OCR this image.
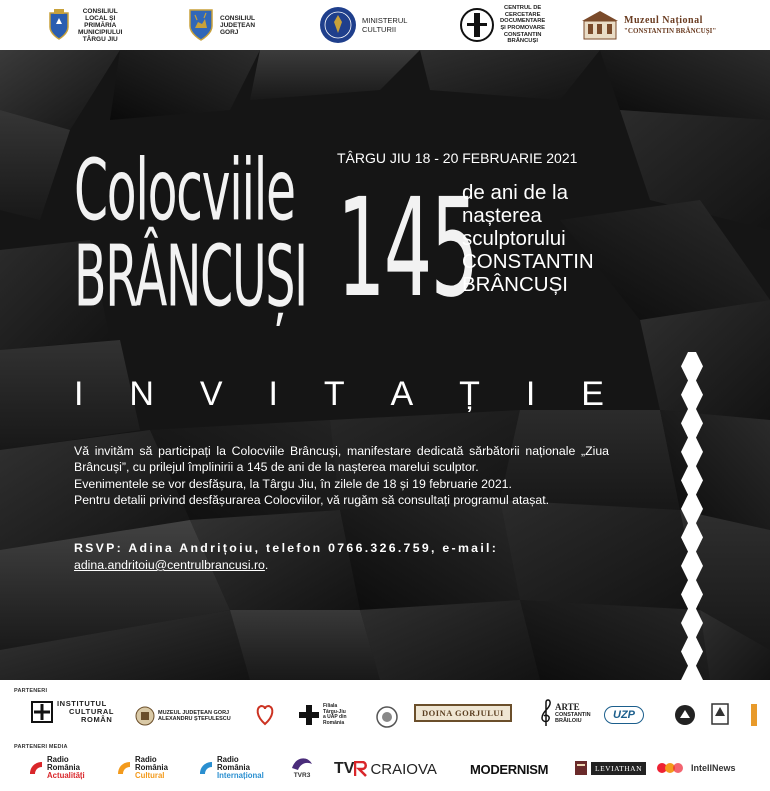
CONSILIUL
LOCAL ȘI
PRIMĂRIA
MUNICIPIULUI
TÂRGU JIU
CONSILIUL
JUDEȚEAN
GORJ
MINISTERUL
CULTURII
CENTRUL DE
CERCETARE
DOCUMENTARE
ȘI PROMOVARE
CONSTANTIN
BRÂNCUȘI
Muzeul Național
"CONSTANTIN BRÂNCUȘI"
Colocviile
BRÂNCUȘI 145
TÂRGU JIU 18 - 20 FEBRUARIE 2021
de ani de la
nașterea
sculptorului
CONSTANTIN
BRÂNCUȘI
I N V I T A Ț I E

Vă invităm să participați la Colocviile Brâncuși, manifestare dedicată sărbătorii naționale „Ziua Brâncuși”, cu prilejul împlinirii a 145 de ani de la nașterea marelui sculptor.

Evenimentele se vor desfășura, la Târgu Jiu, în zilele de 18 și 19 februarie 2021.

Pentru detalii privind desfășurarea Colocviilor, vă rugăm să consultați programul atașat.

RSVP: Adina Andrițoiu, telefon 0766.326.759, e-mail:
adina.andritoiu@centrulbrancusi.ro.
PARTENERI
INSTITUTUL
CULTURAL
ROMÂN
MUZEUL JUDEȚEAN GORJ
ALEXANDRU ȘTEFULESCU
Filiala
Târgu-Jiu
a UAP din
România
DOINA GORJULUI
ARTE
CONSTANTIN
BRĂILOIU	UZP
PARTENERI MEDIA
Radio
România
Actualități
Radio
România
Cultural
Radio
România
Internațional	TVR3 TV CRAIOVA	MODERNISM	LEVIATHAN	IntellNews
